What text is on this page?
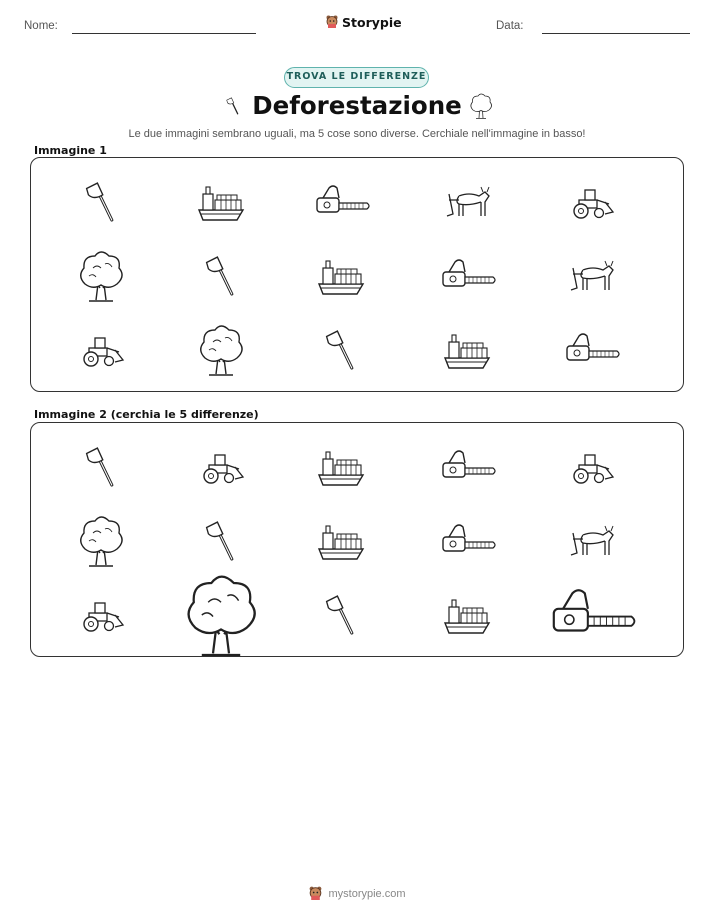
Nome:	Storypie	Data:
TROVA LE DIFFERENZE
Deforestazione
Le due immagini sembrano uguali, ma 5 cose sono diverse. Cerchiale nell'immagine in basso!
Immagine 1
Immagine 2 (cerchia le 5 differenze)
mystorypie.com
